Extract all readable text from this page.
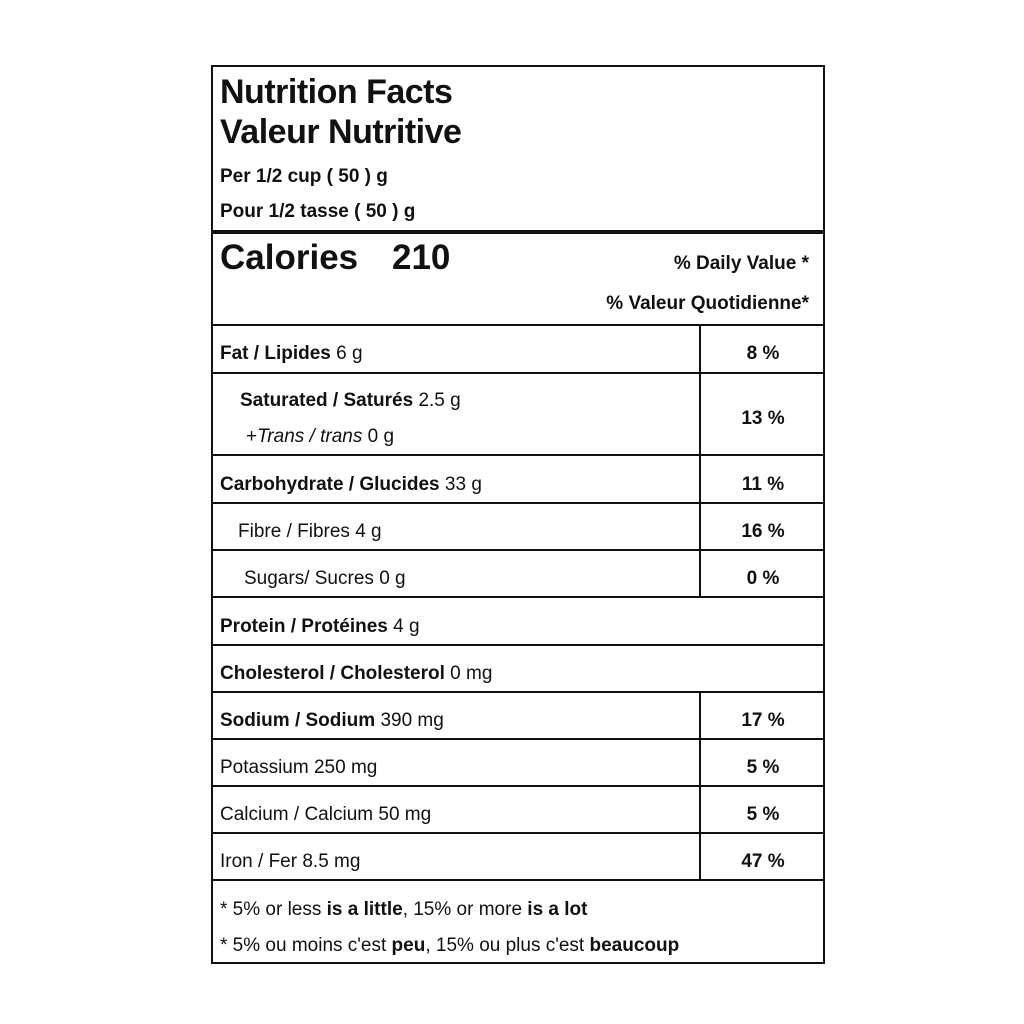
Nutrition Facts
Valeur Nutritive
Per 1/2 cup ( 50 ) g
Pour 1/2 tasse ( 50 ) g
Calories 210	% Daily Value *
% Valeur Quotidienne*
Fat / Lipides 6 g	8 %
Saturated / Saturés 2.5 g
+Trans / trans 0 g
13 %
Carbohydrate / Glucides 33 g	11 %
Fibre / Fibres 4 g	16 %
Sugars/ Sucres 0 g	0 %
Protein / Protéines 4 g
Cholesterol / Cholesterol 0 mg
Sodium / Sodium 390 mg	17 %
Potassium 250 mg	5 %
Calcium / Calcium 50 mg	5 %
Iron / Fer 8.5 mg	47 %
* 5% or less is a little, 15% or more is a lot
* 5% ou moins c'est peu, 15% ou plus c'est beaucoup
